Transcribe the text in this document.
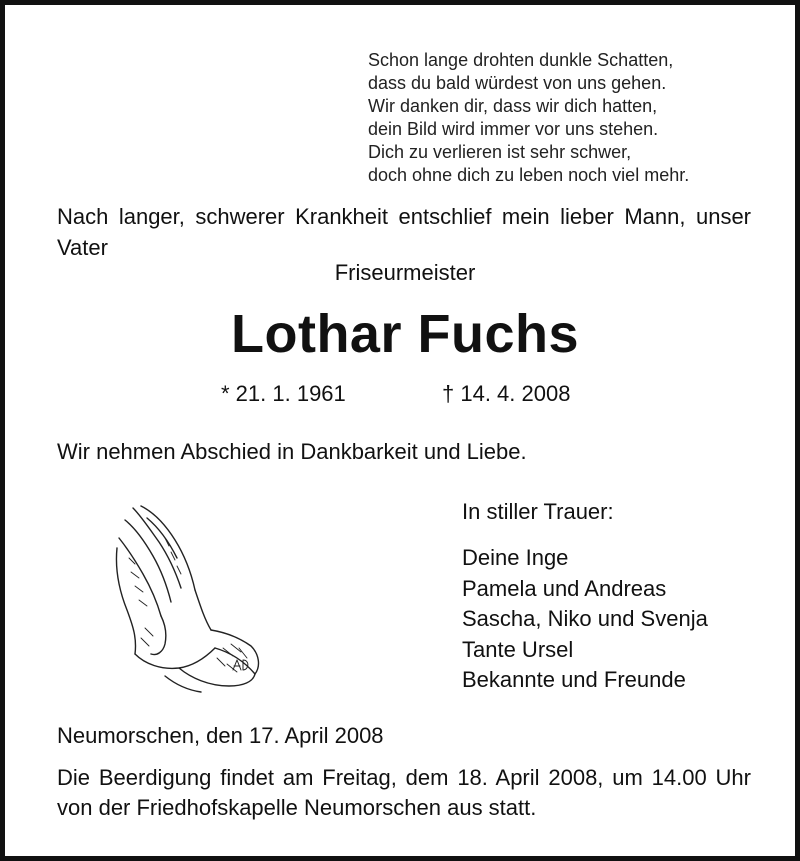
Schon lange drohten dunkle Schatten,
dass du bald würdest von uns gehen.
Wir danken dir, dass wir dich hatten,
dein Bild wird immer vor uns stehen.
Dich zu verlieren ist sehr schwer,
doch ohne dich zu leben noch viel mehr.
Nach langer, schwerer Krankheit entschlief mein lieber Mann, unser Vater
Friseurmeister
Lothar Fuchs
* 21. 1. 1961	† 14. 4. 2008
Wir nehmen Abschied in Dankbarkeit und Liebe.
In stiller Trauer:
Deine Inge
Pamela und Andreas
Sascha, Niko und Svenja
Tante Ursel
Bekannte und Freunde
Neumorschen, den 17. April 2008
Die Beerdigung findet am Freitag, dem 18. April 2008, um 14.00 Uhr von der Friedhofskapelle Neumorschen aus statt.
